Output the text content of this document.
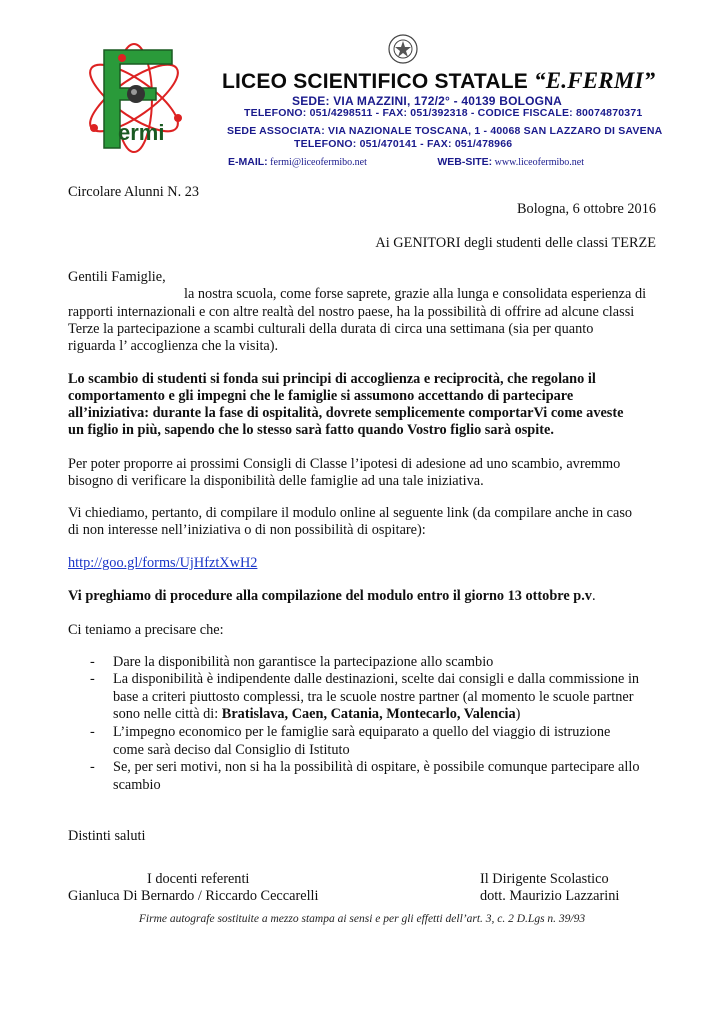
ermi
LICEO SCIENTIFICO STATALE “E.FERMI”
SEDE: VIA MAZZINI, 172/2° - 40139 BOLOGNA
TELEFONO: 051/4298511 - FAX: 051/392318 - CODICE FISCALE: 80074870371
SEDE ASSOCIATA: VIA NAZIONALE TOSCANA, 1 - 40068 SAN LAZZARO DI SAVENA
TELEFONO: 051/470141 - FAX: 051/478966
E-MAIL: fermi@liceofermibo.net	WEB-SITE: www.liceofermibo.net
Circolare Alunni N. 23
Bologna, 6 ottobre 2016
Ai GENITORI degli studenti delle classi TERZE
Gentili Famiglie,
la nostra scuola, come forse saprete, grazie alla lunga e consolidata esperienza di
rapporti internazionali e con altre realtà del nostro paese, ha la possibilità di offrire ad alcune classi
Terze la partecipazione a scambi culturali della durata di circa una settimana (sia per quanto
riguarda l’ accoglienza che la visita).
Lo scambio di studenti si fonda sui principi di accoglienza e reciprocità, che regolano il
comportamento e gli impegni che le famiglie si assumono accettando di partecipare
all’iniziativa: durante la fase di ospitalità, dovrete semplicemente comportarVi come aveste
un figlio in più, sapendo che lo stesso sarà fatto quando Vostro figlio sarà ospite.
Per poter proporre ai prossimi Consigli di Classe l’ipotesi di adesione ad uno scambio, avremmo
bisogno di verificare la disponibilità delle famiglie ad una tale iniziativa.
Vi chiediamo, pertanto, di compilare il modulo online al seguente link (da compilare anche in caso
di non interesse nell’iniziativa o di non possibilità di ospitare):
http://goo.gl/forms/UjHfztXwH2
Vi preghiamo di procedure alla compilazione del modulo entro il giorno 13 ottobre p.v.
Ci teniamo a precisare che:
- Dare la disponibilità non garantisce la partecipazione allo scambio
- La disponibilità è indipendente dalle destinazioni, scelte dai consigli e dalla commissione in
base a criteri piuttosto complessi, tra le scuole nostre partner (al momento le scuole partner
sono nelle città di: Bratislava, Caen, Catania, Montecarlo, Valencia)
- L’impegno economico per le famiglie sarà equiparato a quello del viaggio di istruzione
come sarà deciso dal Consiglio di Istituto
- Se, per seri motivi, non si ha la possibilità di ospitare, è possibile comunque partecipare allo
scambio
Distinti saluti
I docenti referenti
Gianluca Di Bernardo / Riccardo Ceccarelli
Il Dirigente Scolastico
dott. Maurizio Lazzarini
Firme autografe sostituite a mezzo stampa ai sensi e per gli effetti dell’art. 3, c. 2 D.Lgs n. 39/93
